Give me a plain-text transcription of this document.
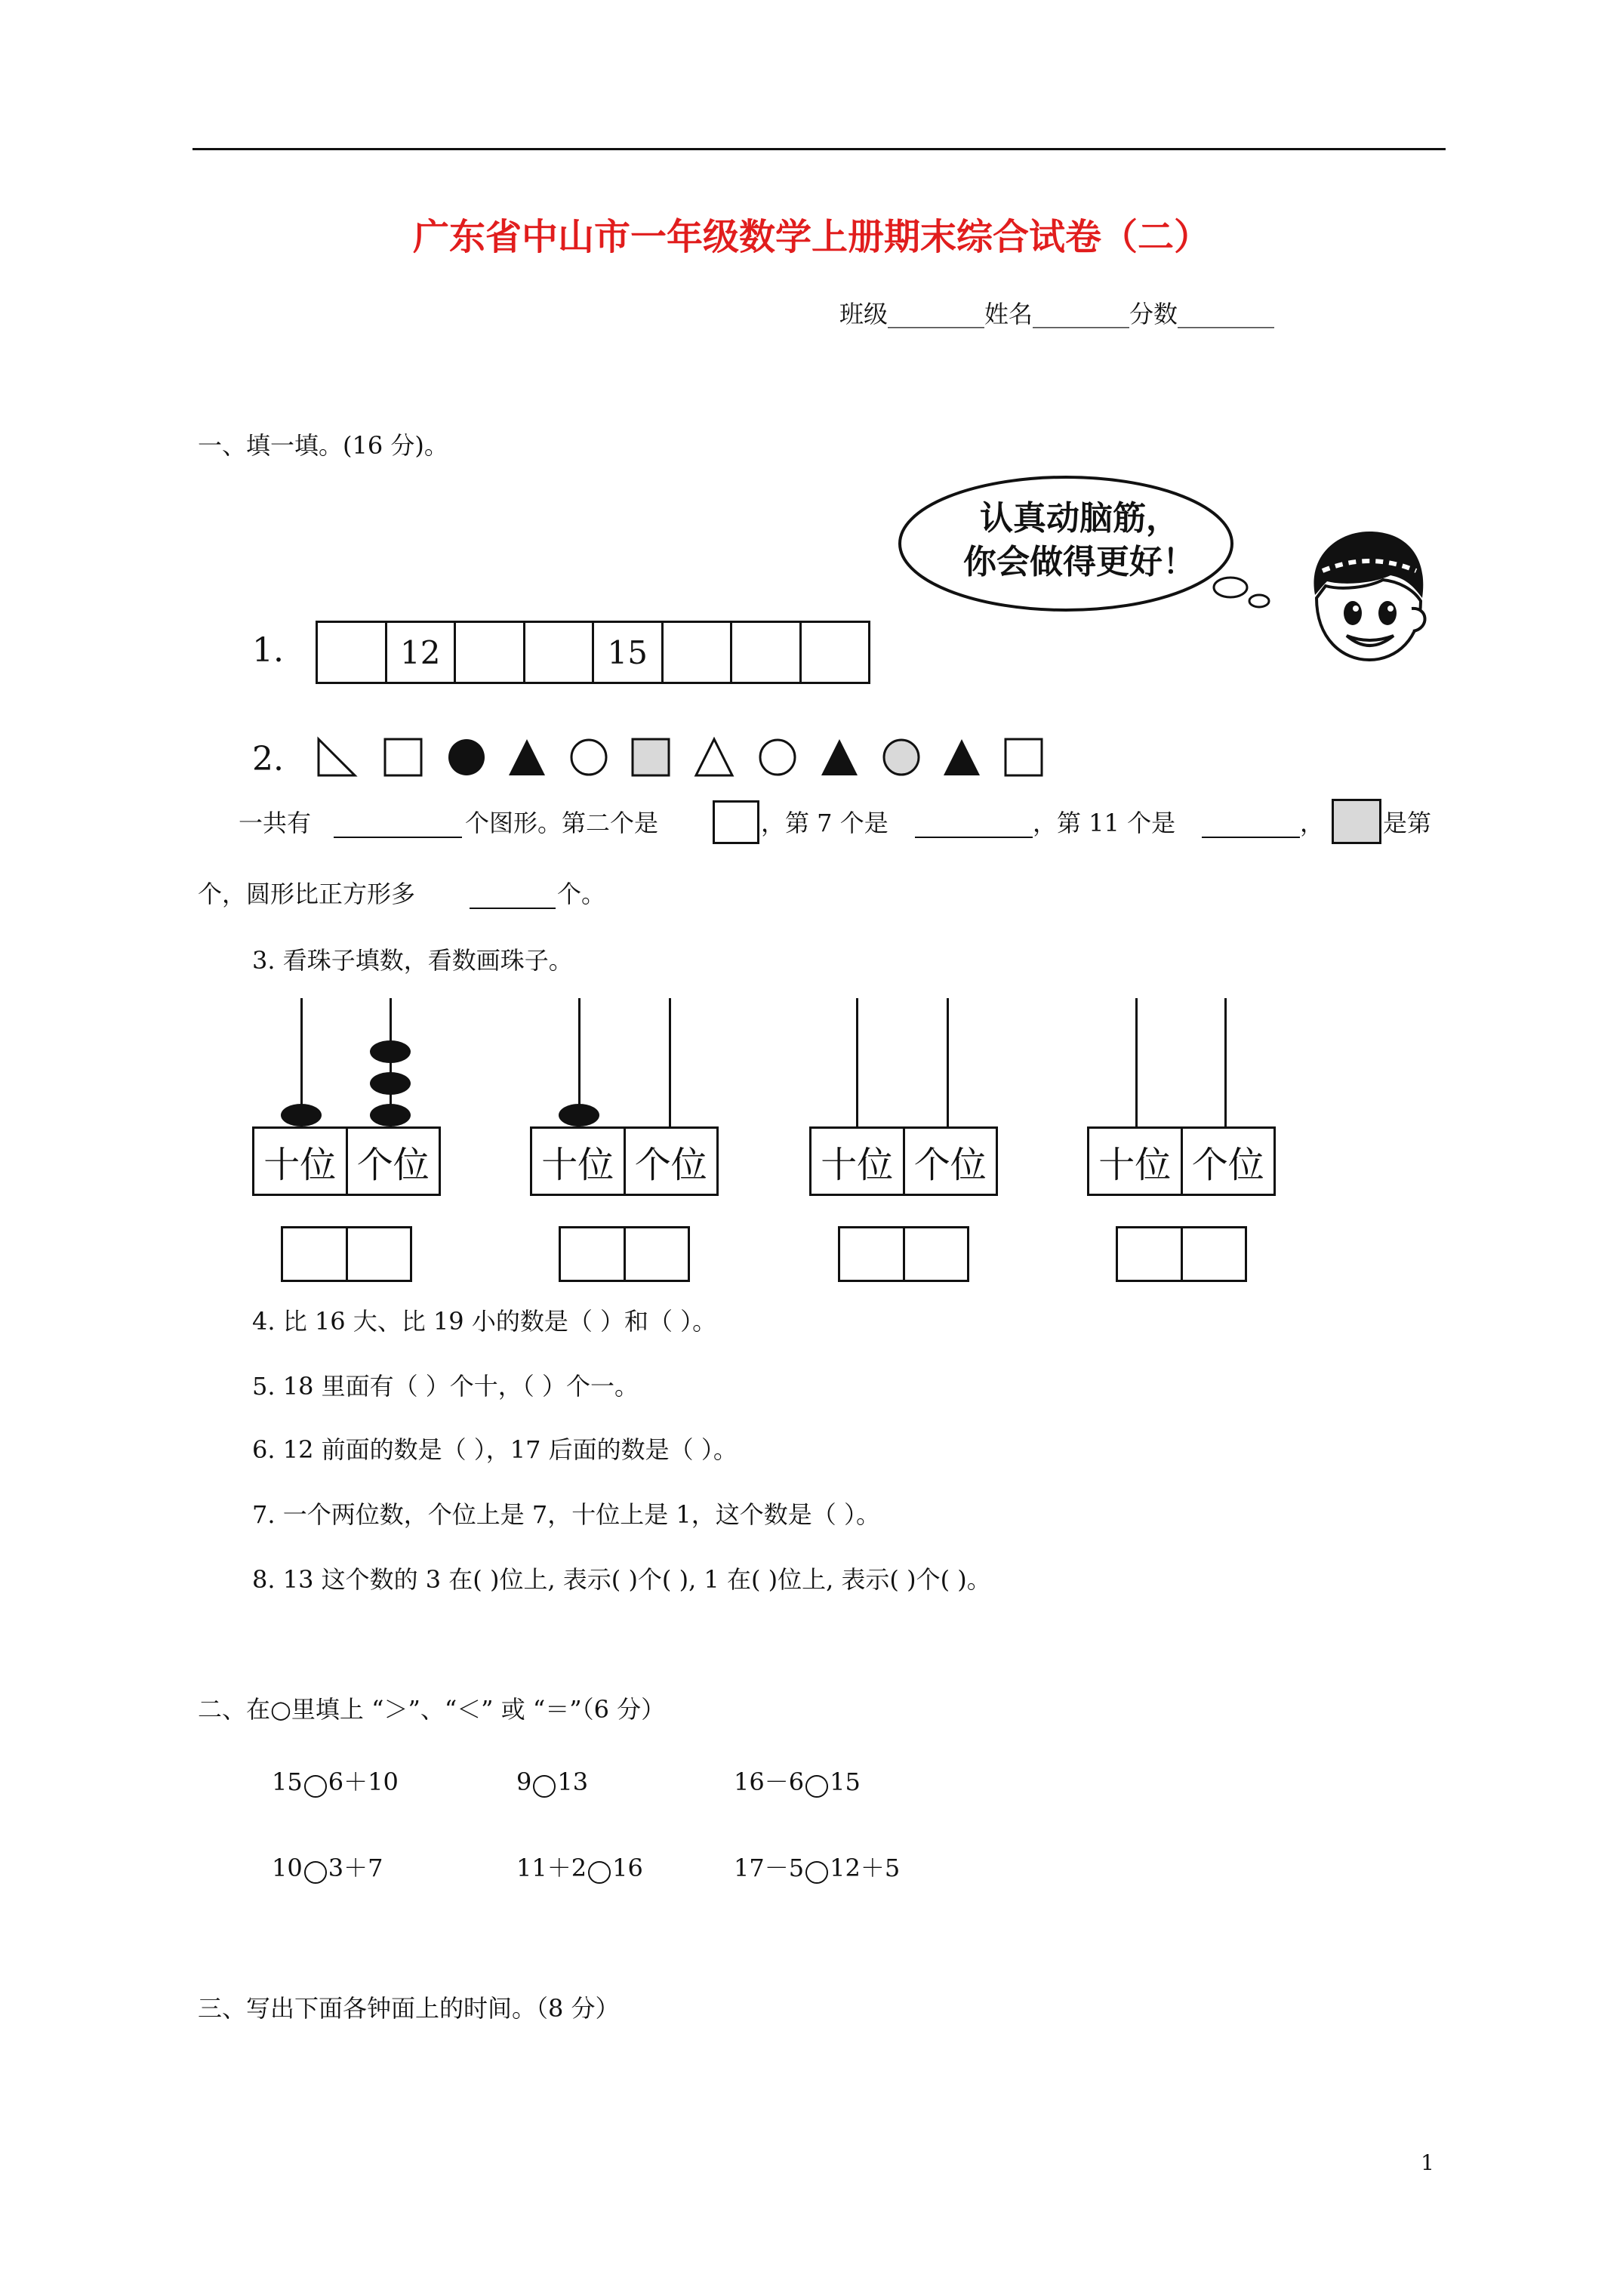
广东省中山市一年级数学上册期末综合试卷（二）
班级________姓名________分数________
一、填一填。(16 分)。
认真动脑筋，
你会做得更好！
1.	12	15
2.
一共有	个图形。第二个是	，第 7 个是	，第 11 个是	， 是第
个，圆形比正方形多	个。
3. 看珠子填数，看数画珠子。
十位 个位	十位 个位	十位 个位	十位 个位
4. 比 16 大、比 19 小的数是（ ）和（ ）。
5. 18 里面有（ ）个十，（ ）个一。
6. 12 前面的数是（ ），17 后面的数是（ ）。
7. 一个两位数，个位上是 7，十位上是 1，这个数是（ ）。
8. 13 这个数的 3 在( )位上, 表示( )个( ), 1 在( )位上, 表示( )个( )。
二、在○里填上 “＞”、“＜” 或 “＝”（6 分）
15 6＋10	9 13	16－6 15
10 3＋7	11＋2 16	17－5 12＋5
三、写出下面各钟面上的时间。（8 分）
1
